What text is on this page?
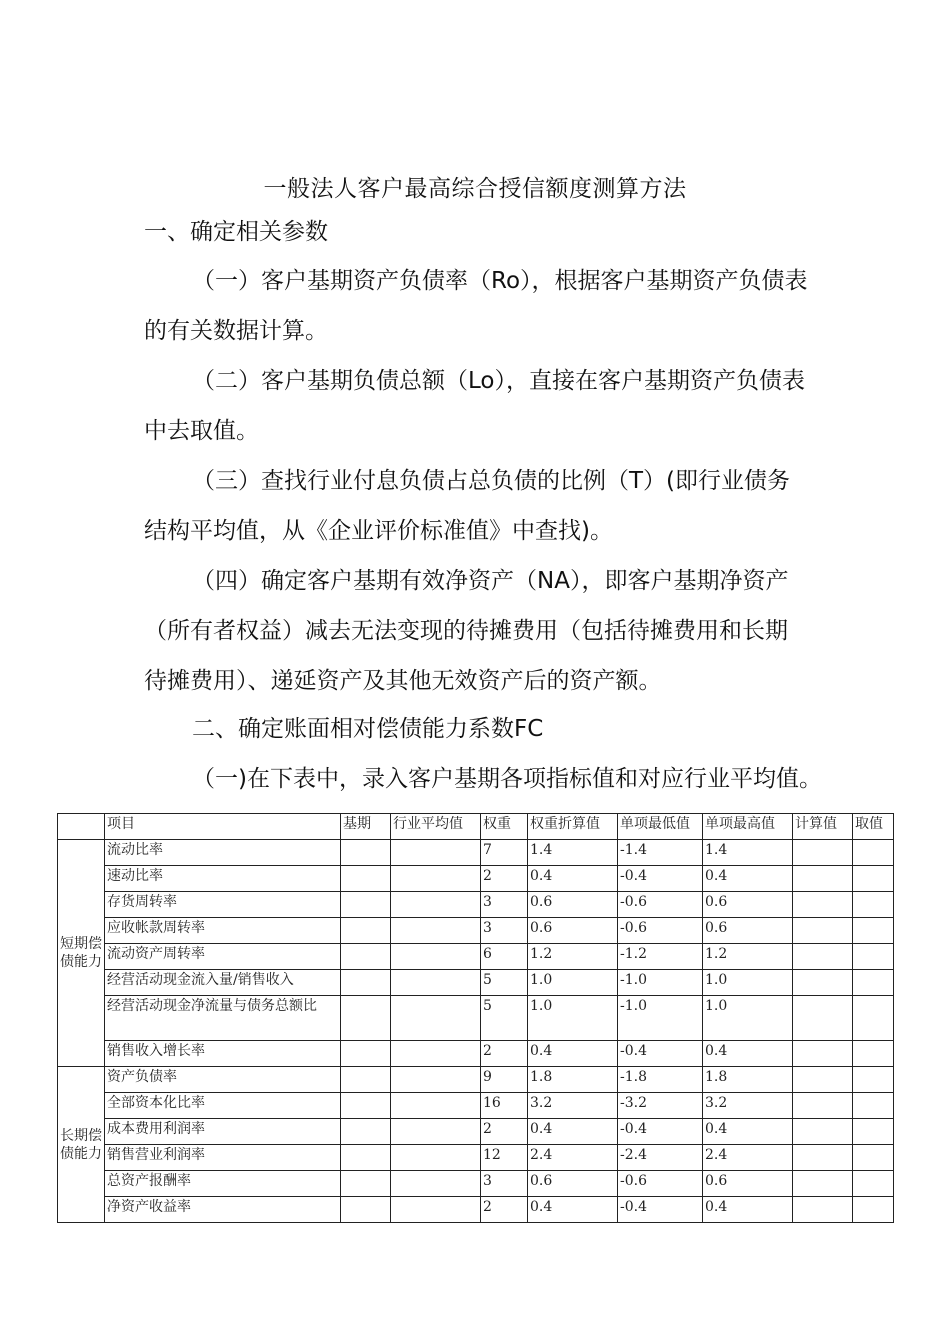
一般法人客户最高综合授信额度测算方法
一、确定相关参数
（一）客户基期资产负债率（Ro），根据客户基期资产负债表的有关数据计算。
（二）客户基期负债总额（Lo），直接在客户基期资产负债表中去取值。
（三）查找行业付息负债占总负债的比例（T）(即行业债务结构平均值，从《企业评价标准值》中查找)。
（四）确定客户基期有效净资产（NA），即客户基期净资产（所有者权益）减去无法变现的待摊费用（包括待摊费用和长期待摊费用）、递延资产及其他无效资产后的资产额。
二、确定账面相对偿债能力系数FC
（一)在下表中，录入客户基期各项指标值和对应行业平均值。
	项目	基期	行业平均值	权重	权重折算值	单项最低值	单项最高值	计算值	取值
短期偿债能力	流动比率			7	1.4	-1.4	1.4		
	速动比率			2	0.4	-0.4	0.4		
	存货周转率			3	0.6	-0.6	0.6		
	应收帐款周转率			3	0.6	-0.6	0.6		
	流动资产周转率			6	1.2	-1.2	1.2		
	经营活动现金流入量/销售收入			5	1.0	-1.0	1.0		
	经营活动现金净流量与债务总额比			5	1.0	-1.0	1.0		
	销售收入增长率			2	0.4	-0.4	0.4		
长期偿债能力	资产负债率			9	1.8	-1.8	1.8		
	全部资本化比率			16	3.2	-3.2	3.2		
	成本费用利润率			2	0.4	-0.4	0.4		
	销售营业利润率			12	2.4	-2.4	2.4		
	总资产报酬率			3	0.6	-0.6	0.6		
	净资产收益率			2	0.4	-0.4	0.4		
